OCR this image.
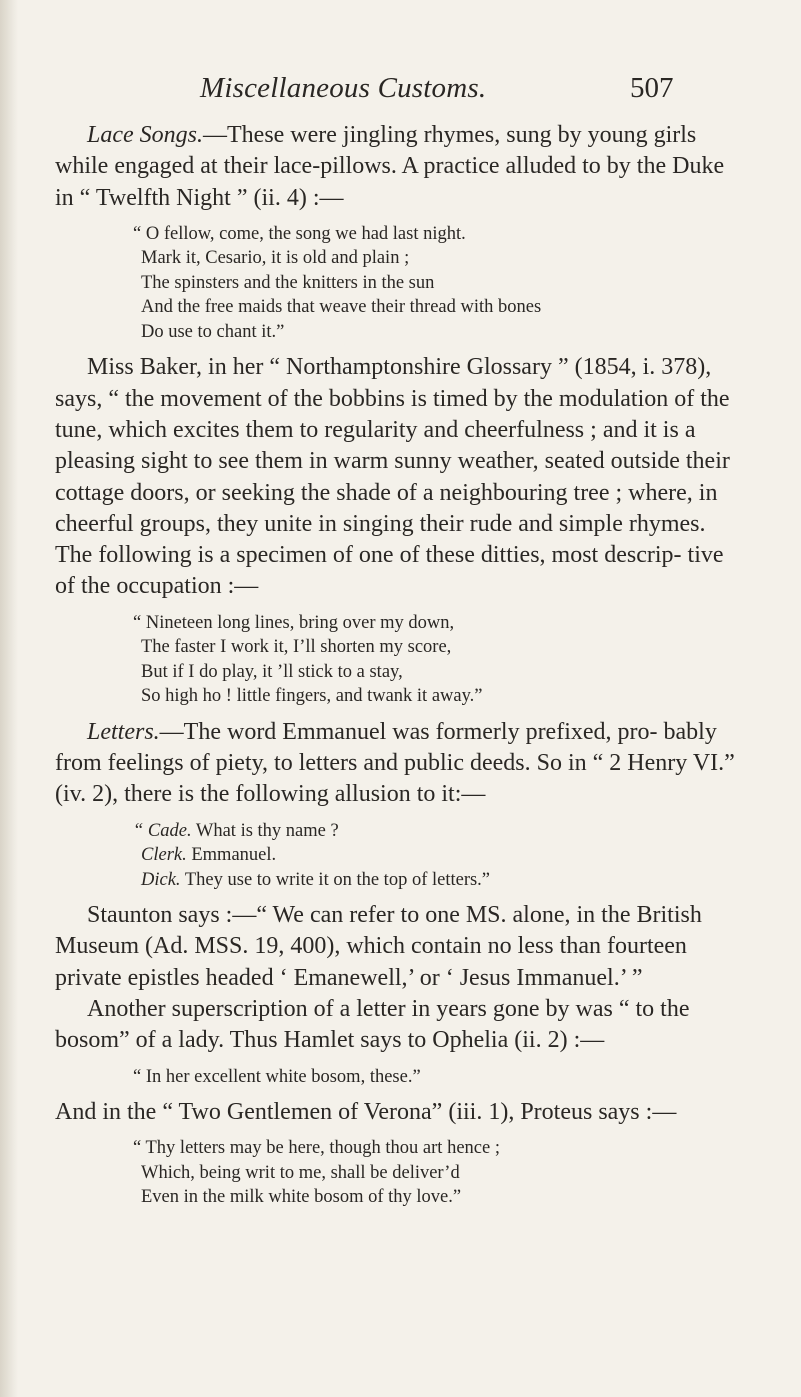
Miscellaneous Customs.	507

Lace Songs.—These were jingling rhymes, sung by young girls while engaged at their lace-pillows. A practice alluded to by the Duke in “ Twelfth Night ” (ii. 4) :—

“ O fellow, come, the song we had last night.
Mark it, Cesario, it is old and plain ;
The spinsters and the knitters in the sun
And the free maids that weave their thread with bones
Do use to chant it.”

Miss Baker, in her “ Northamptonshire Glossary ” (1854, i. 378), says, “ the movement of the bobbins is timed by the modulation of the tune, which excites them to regularity and cheerfulness ; and it is a pleasing sight to see them in warm sunny weather, seated outside their cottage doors, or seeking the shade of a neighbouring tree ; where, in cheerful groups, they unite in singing their rude and simple rhymes. The following is a specimen of one of these ditties, most descrip- tive of the occupation :—

“ Nineteen long lines, bring over my down,
The faster I work it, I’ll shorten my score,
But if I do play, it ’ll stick to a stay,
So high ho ! little fingers, and twank it away.”

Letters.—The word Emmanuel was formerly prefixed, pro- bably from feelings of piety, to letters and public deeds. So in “ 2 Henry VI.” (iv. 2), there is the following allusion to it:—

“ Cade. What is thy name ?
Clerk. Emmanuel.
Dick. They use to write it on the top of letters.”

Staunton says :—“ We can refer to one MS. alone, in the British Museum (Ad. MSS. 19, 400), which contain no less than fourteen private epistles headed ‘ Emanewell,’ or ‘ Jesus Immanuel.’ ”

Another superscription of a letter in years gone by was “ to the bosom” of a lady. Thus Hamlet says to Ophelia (ii. 2) :—

“ In her excellent white bosom, these.”

And in the “ Two Gentlemen of Verona” (iii. 1), Proteus says :—

“ Thy letters may be here, though thou art hence ;
Which, being writ to me, shall be deliver’d
Even in the milk white bosom of thy love.”
